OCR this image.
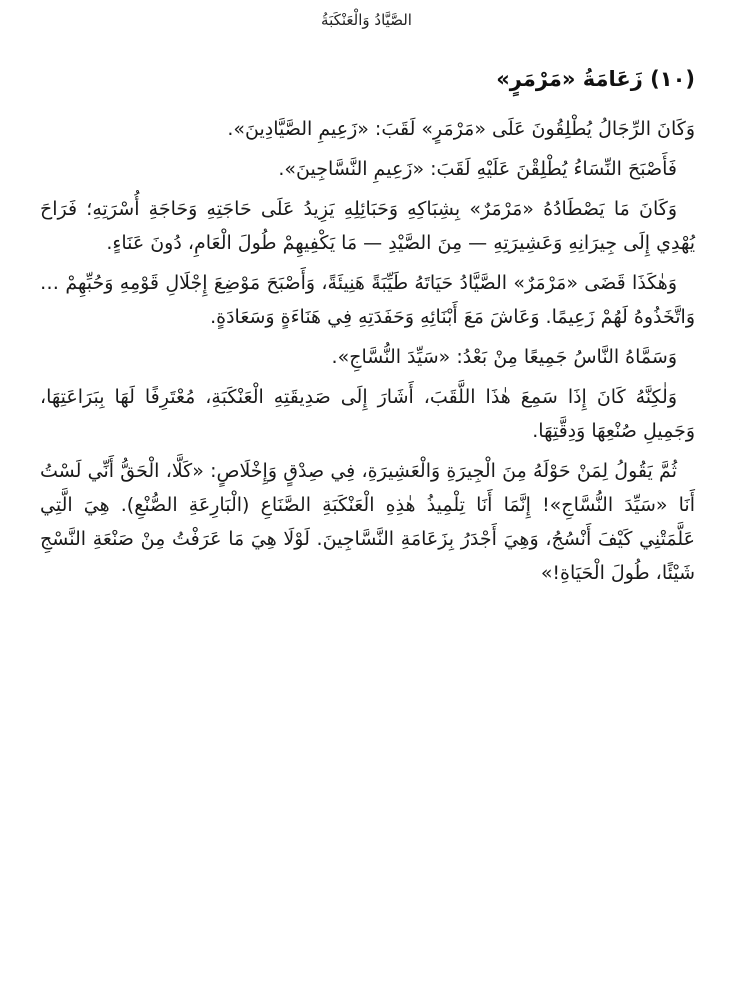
الصَّيَّادُ وَالْعَنْكَبَةُ
(١٠) زَعَامَةُ «مَرْمَرٍ»

وَكَانَ الرِّجَالُ يُطْلِقُونَ عَلَى «مَرْمَرٍ» لَقَبَ: «زَعِيمِ الصَّيَّادِينَ».

فَأَصْبَحَ النِّسَاءُ يُطْلِقْنَ عَلَيْهِ لَقَبَ: «زَعِيمِ النَّسَّاجِينَ».

وَكَانَ مَا يَصْطَادُهُ «مَرْمَرٌ» بِشِبَاكِهِ وَحَبَائِلِهِ يَزِيدُ عَلَى حَاجَتِهِ وَحَاجَةِ أُسْرَتِهِ؛ فَرَاحَ يُهْدِي إِلَى جِيرَانِهِ وَعَشِيرَتِهِ — مِنَ الصَّيْدِ — مَا يَكْفِيهِمْ طُولَ الْعَامِ، دُونَ عَنَاءٍ.

وَهٰكَذَا قَضَى «مَرْمَرٌ» الصَّيَّادُ حَيَاتَهُ طَيِّبَةً هَنِيئَةً، وَأَصْبَحَ مَوْضِعَ إِجْلَالِ قَوْمِهِ وَحُبِّهِمْ … وَاتَّخَذُوهُ لَهُمْ زَعِيمًا. وَعَاشَ مَعَ أَبْنَائِهِ وَحَفَدَتِهِ فِي هَنَاءَةٍ وَسَعَادَةٍ.

وَسَمَّاهُ النَّاسُ جَمِيعًا مِنْ بَعْدُ: «سَيِّدَ النُّسَّاجِ».

وَلٰكِنَّهُ كَانَ إِذَا سَمِعَ هٰذَا اللَّقَبَ، أَشَارَ إِلَى صَدِيقَتِهِ الْعَنْكَبَةِ، مُعْتَرِفًا لَهَا بِبَرَاعَتِهَا، وَجَمِيلِ صُنْعِهَا وَدِقَّتِهَا.

ثُمَّ يَقُولُ لِمَنْ حَوْلَهُ مِنَ الْجِيرَةِ وَالْعَشِيرَةِ، فِي صِدْقٍ وَإِخْلَاصٍ: «كَلَّا، الْحَقُّ أَنِّي لَسْتُ أَنَا «سَيِّدَ النُّسَّاجِ»! إِنَّمَا أَنَا تِلْمِيذُ هٰذِهِ الْعَنْكَبَةِ الصَّنَاعِ (الْبَارِعَةِ الصُّنْعِ). هِيَ الَّتِي عَلَّمَتْنِي كَيْفَ أَنْسُجُ، وَهِيَ أَجْدَرُ بِزَعَامَةِ النَّسَّاجِينَ. لَوْلَا هِيَ مَا عَرَفْتُ مِنْ صَنْعَةِ النَّسْجِ شَيْئًا، طُولَ الْحَيَاةِ!»
